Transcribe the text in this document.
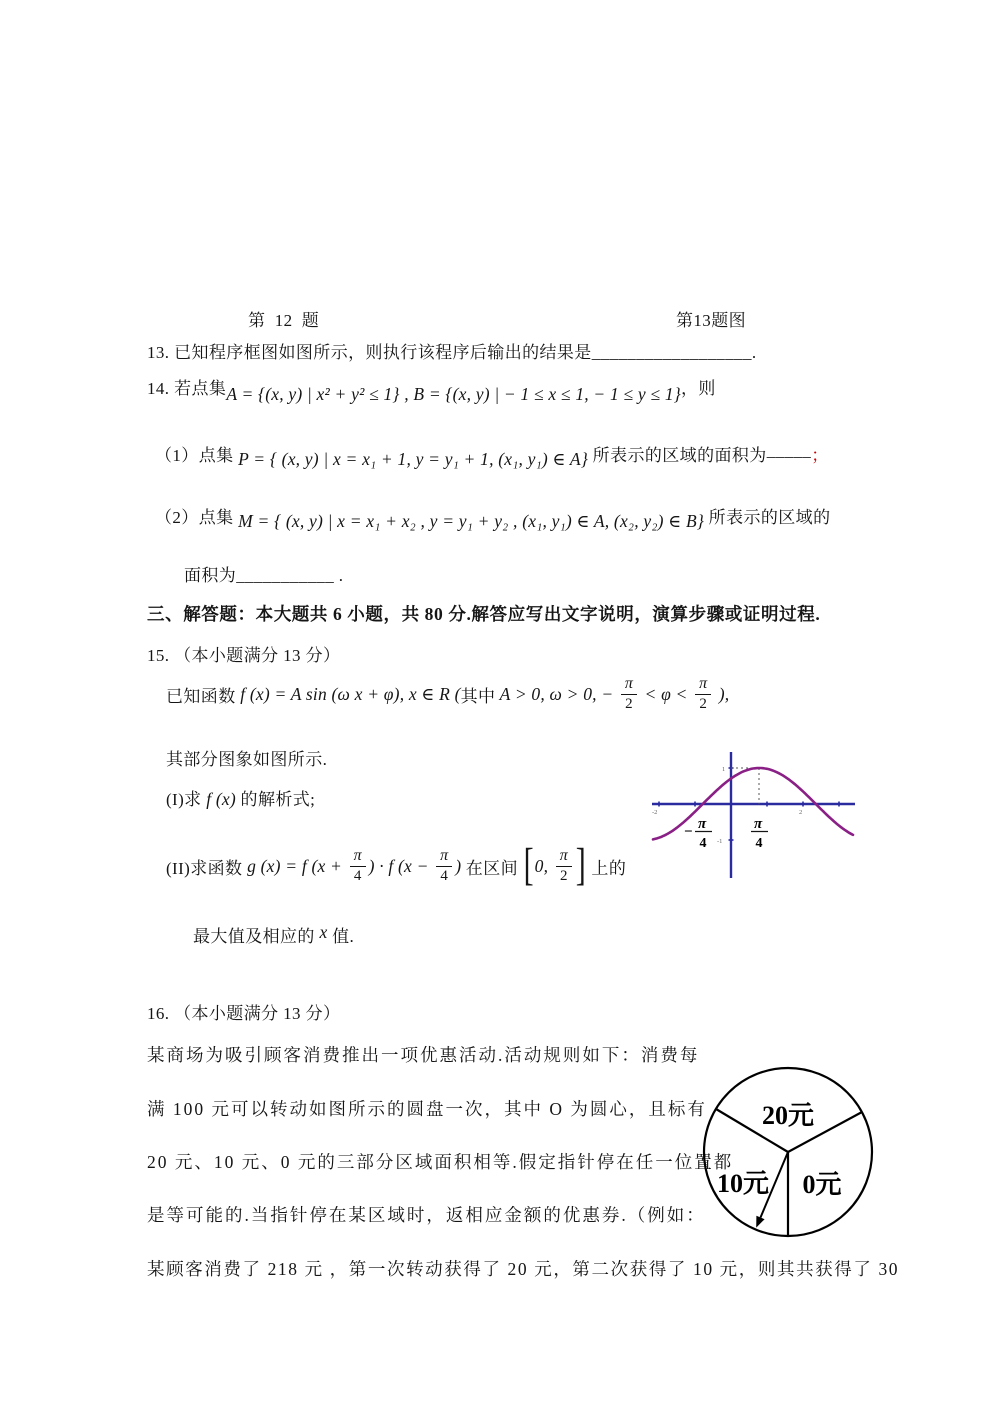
第  12  题	第13题图
13. 已知程序框图如图所示，则执行该程序后输出的结果是__________________.
14. 若点集 A = {(x, y) | x² + y² ≤ 1} , B = {(x, y) | − 1 ≤ x ≤ 1, − 1 ≤ y ≤ 1} ，则
（1）点集 P = { (x, y) | x = x₁ + 1, y = y₁ + 1, (x₁, y₁) ∈ A} 所表示的区域的面积为 _____ ；
（2）点集 M = { (x, y) | x = x₁ + x₂ , y = y₁ + y₂ , (x₁, y₁) ∈ A, (x₂, y₂) ∈ B} 所表示的区域的
面积为___________ .
三、解答题：本大题共 6 小题，共 80 分.解答应写出文字说明，演算步骤或证明过程.
15. （本小题满分 13 分）
已知函数 f (x) = A sin (ω x + φ), x ∈ R ( 其中 A > 0, ω > 0, − $\frac{\pi}{2} < \varphi < \frac{\pi}{2}$ ),
其部分图象如图所示.
(I)求 f (x) 的解析式;
(II)求函数 g (x) = f ($x + \frac{\pi}{4}$ ) · f ($x - \frac{\pi}{4}$ ) 在区间 [ 0, $\frac{\pi}{2}$ ] 上的
最大值及相应的 x 值.
-2	2
1
-1
− π
4
π
4
16. （本小题满分 13 分）
某商场为吸引顾客消费推出一项优惠活动.活动规则如下：消费每
满 100 元可以转动如图所示的圆盘一次，其中 O 为圆心，且标有
20 元、10 元、0 元的三部分区域面积相等.假定指针停在任一位置都
是等可能的.当指针停在某区域时，返相应金额的优惠券.（例如：
某顾客消费了 218 元 ，第一次转动获得了 20 元，第二次获得了 10 元，则其共获得了 30
20元
10元 0元
